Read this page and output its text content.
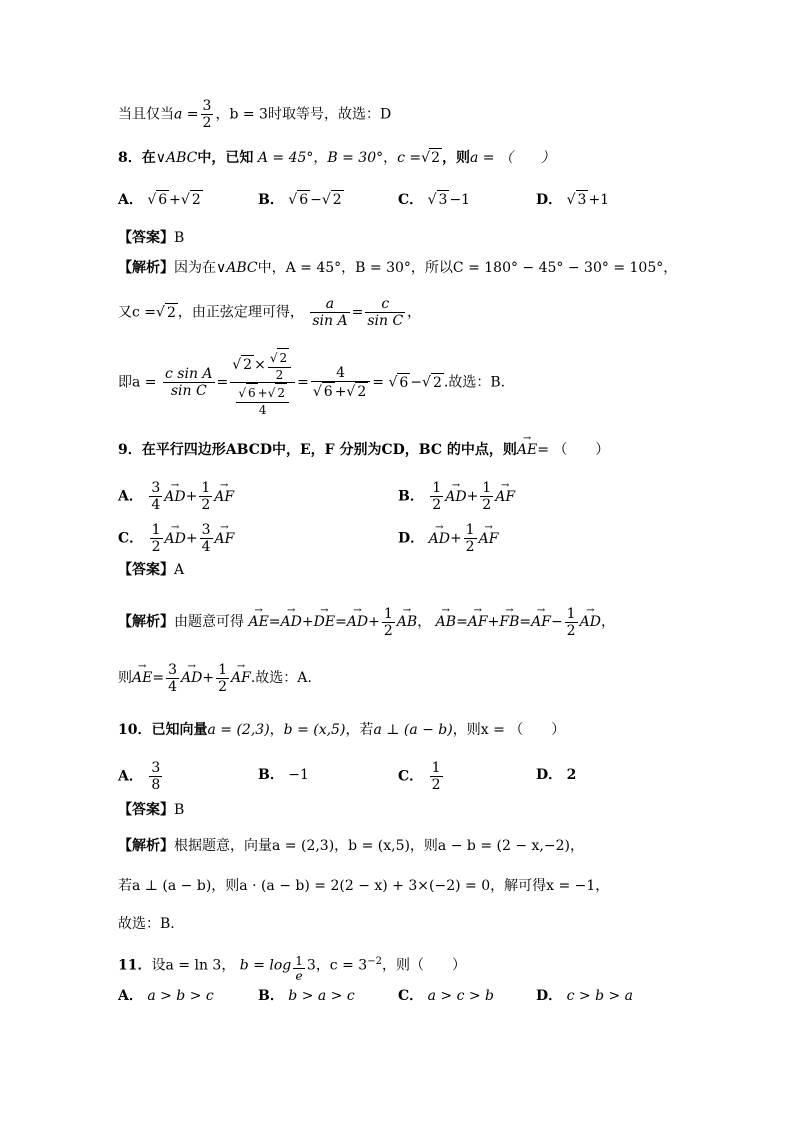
当且仅当$a = \frac{3}{2}$ ，b = 3时取等号，故选：D
8．在∨ABC中，已知 A = 45°，B = 30°，c =√2 ，则a = （　　）
A． √ 6 +√ 2	B． √ 6 −√ 2	C． √ 3 −1	D． √ 3 +1
【答案】B
【解析】因为在∨ABC中，A = 45°，B = 30°，所以C = 180° − 45° − 30° = 105°，
又c =√ 2 ，由正弦定理可得， $\frac{a}{\text{sin A}} = \frac{c}{\text{sin C}}$ ，
即$a = \frac{\text{c sin A}}{\text{sin C}} = \frac{√ 2 \times \frac{√ 2}{2}}{\frac{√ 6 +√ 2}{4}} = \frac{4}{√ 6 +√ 2}$ = √ 6 −√ 2 .故选：B.
9．在平行四边形ABCD中，E，F 分别为CD，BC 的中点，则→ AE= （　　）
A． $\frac{3}{4}$
→ $AD+ \frac{1}{2}$
→ AF	B． $\frac{1}{2}$
→ $AD+ \frac{1}{2}$
→ AF
C． $\frac{1}{2}$
→ $AD+ \frac{3}{4}$
→ AF	D． → $AD+ \frac{1}{2}$
→ AF
【答案】A
【解析】由题意可得 → $AE=\to AD+\to DE=\to AD+ \frac{1}{2}$
→ AB， → $AB=\to AF+\to FB=\to AF- \frac{1}{2}$
→ AD，
则→ $AE= \frac{3}{4}$
→ $AD+ \frac{1}{2}$
→ AF.故选：A.
10．已知向量a = (2,3)，b = (x,5)，若a ⊥ (a − b)，则x = （　　）
A． $\frac{3}{8}$	B． −1	C． $\frac{1}{2}$	D． 2
【答案】B
【解析】根据题意，向量a = (2,3)，b = (x,5)，则a − b = (2 − x,−2)，
若a ⊥ (a − b)，则a · (a − b) = 2(2 − x) + 3×(−2) = 0，解可得x = −1，
故选：B.
11．设a = ln 3， $b = \log \frac{1}{e} 3$，$c = 3^{-2}$，则（　　）
A． a > b > c	B． b > a > c	C． a > c > b	D． c > b > a
